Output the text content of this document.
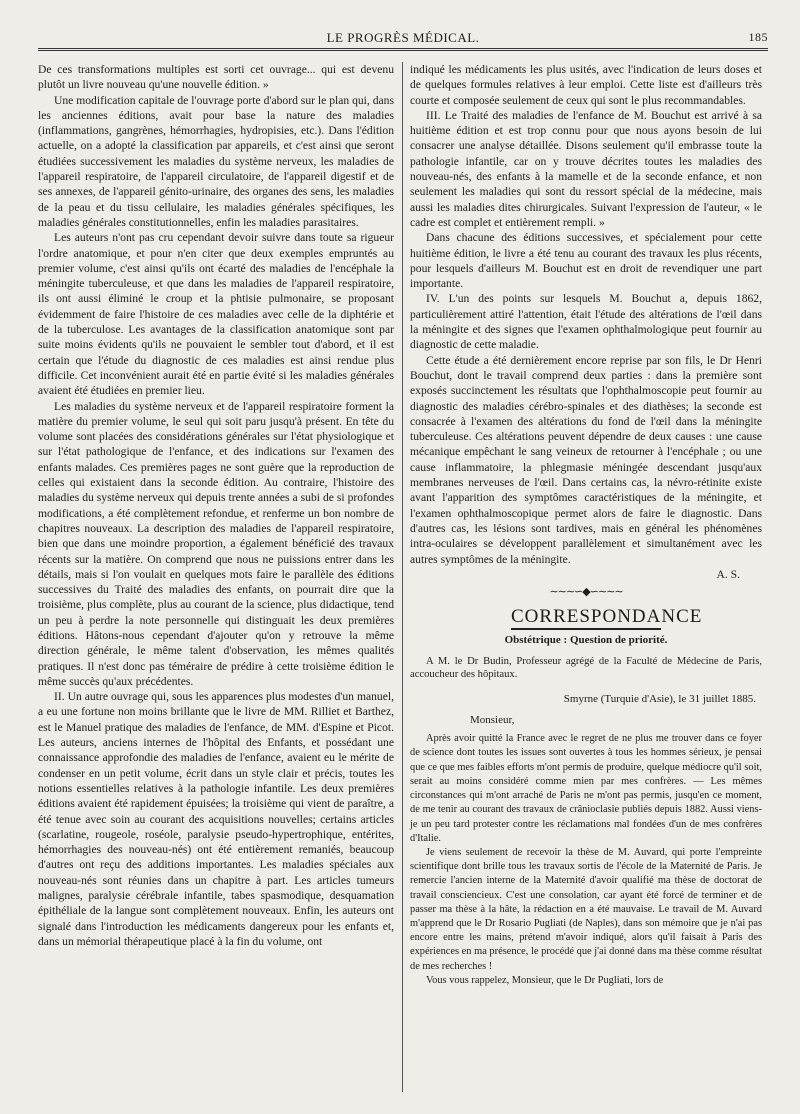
LE PROGRÈS MÉDICAL.	185

De ces transformations multiples est sorti cet ouvrage... qui est devenu plutôt un livre nouveau qu'une nouvelle édition. »

Une modification capitale de l'ouvrage porte d'abord sur le plan qui, dans les anciennes éditions, avait pour base la nature des maladies (inflammations, gangrènes, hémorrhagies, hydropisies, etc.). Dans l'édition actuelle, on a adopté la classification par appareils, et c'est ainsi que seront étudiées successivement les maladies du système nerveux, les maladies de l'appareil respiratoire, de l'appareil circulatoire, de l'appareil digestif et de ses annexes, de l'appareil génito-urinaire, des organes des sens, les maladies de la peau et du tissu cellulaire, les maladies générales spécifiques, les maladies générales constitutionnelles, enfin les maladies parasitaires.

Les auteurs n'ont pas cru cependant devoir suivre dans toute sa rigueur l'ordre anatomique, et pour n'en citer que deux exemples empruntés au premier volume, c'est ainsi qu'ils ont écarté des maladies de l'encéphale la méningite tuberculeuse, et que dans les maladies de l'appareil respiratoire, ils ont aussi éliminé le croup et la phtisie pulmonaire, se proposant évidemment de faire l'histoire de ces maladies avec celle de la diphtérie et de la tuberculose. Les avantages de la classification anatomique sont par suite moins évidents qu'ils ne pouvaient le sembler tout d'abord, et il est certain que l'étude du diagnostic de ces maladies est ainsi rendue plus difficile. Cet inconvénient aurait été en partie évité si les maladies générales avaient été étudiées en premier lieu.

Les maladies du système nerveux et de l'appareil respiratoire forment la matière du premier volume, le seul qui soit paru jusqu'à présent. En tête du volume sont placées des considérations générales sur l'état physiologique et sur l'état pathologique de l'enfance, et des indications sur l'examen des enfants malades. Ces premières pages ne sont guère que la reproduction de celles qui existaient dans la seconde édition. Au contraire, l'histoire des maladies du système nerveux qui depuis trente années a subi de si profondes modifications, a été complètement refondue, et renferme un bon nombre de chapitres nouveaux. La description des maladies de l'appareil respiratoire, bien que dans une moindre proportion, a également bénéficié des travaux récents sur la matière. On comprend que nous ne puissions entrer dans les détails, mais si l'on voulait en quelques mots faire le parallèle des éditions successives du Traité des maladies des enfants, on pourrait dire que la troisième, plus complète, plus au courant de la science, plus didactique, tend un peu à perdre la note personnelle qui distinguait les deux premières éditions. Hâtons-nous cependant d'ajouter qu'on y retrouve la même direction générale, le même talent d'observation, les mêmes qualités pratiques. Il n'est donc pas téméraire de prédire à cette troisième édition le même succès qu'aux précédentes.

II. Un autre ouvrage qui, sous les apparences plus modestes d'un manuel, a eu une fortune non moins brillante que le livre de MM. Rilliet et Barthez, est le Manuel pratique des maladies de l'enfance, de MM. d'Espine et Picot. Les auteurs, anciens internes de l'hôpital des Enfants, et possédant une connaissance approfondie des maladies de l'enfance, avaient eu le mérite de condenser en un petit volume, écrit dans un style clair et précis, toutes les notions essentielles relatives à la pathologie infantile. Les deux premières éditions avaient été rapidement épuisées; la troisième qui vient de paraître, a été tenue avec soin au courant des acquisitions nouvelles; certains articles (scarlatine, rougeole, roséole, paralysie pseudo-hypertrophique, entérites, hémorrhagies des nouveau-nés) ont été entièrement remaniés, beaucoup d'autres ont reçu des additions importantes. Les maladies spéciales aux nouveau-nés sont réunies dans un chapitre à part. Les articles tumeurs malignes, paralysie cérébrale infantile, tabes spasmodique, desquamation épithéliale de la langue sont complètement nouveaux. Enfin, les auteurs ont signalé dans l'introduction les médicaments dangereux pour les enfants et, dans un mémorial thérapeutique placé à la fin du volume, ont

indiqué les médicaments les plus usités, avec l'indication de leurs doses et de quelques formules relatives à leur emploi. Cette liste est d'ailleurs très courte et composée seulement de ceux qui sont le plus recommandables.

III. Le Traité des maladies de l'enfance de M. Bouchut est arrivé à sa huitième édition et est trop connu pour que nous ayons besoin de lui consacrer une analyse détaillée. Disons seulement qu'il embrasse toute la pathologie infantile, car on y trouve décrites toutes les maladies des nouveau-nés, des enfants à la mamelle et de la seconde enfance, et non seulement les maladies qui sont du ressort spécial de la médecine, mais aussi les maladies dites chirurgicales. Suivant l'expression de l'auteur, « le cadre est complet et entièrement rempli. »

Dans chacune des éditions successives, et spécialement pour cette huitième édition, le livre a été tenu au courant des travaux les plus récents, pour lesquels d'ailleurs M. Bouchut est en droit de revendiquer une part importante.

IV. L'un des points sur lesquels M. Bouchut a, depuis 1862, particulièrement attiré l'attention, était l'étude des altérations de l'œil dans la méningite et des signes que l'examen ophthalmologique peut fournir au diagnostic de cette maladie.

Cette étude a été dernièrement encore reprise par son fils, le Dr Henri Bouchut, dont le travail comprend deux parties : dans la première sont exposés succinctement les résultats que l'ophthalmoscopie peut fournir au diagnostic des maladies cérébro-spinales et des diathèses; la seconde est consacrée à l'examen des altérations du fond de l'œil dans la méningite tuberculeuse. Ces altérations peuvent dépendre de deux causes : une cause mécanique empêchant le sang veineux de retourner à l'encéphale ; ou une cause inflammatoire, la phlegmasie méningée descendant jusqu'aux membranes nerveuses de l'œil. Dans certains cas, la névro-rétinite existe avant l'apparition des symptômes caractéristiques de la méningite, et l'examen ophthalmoscopique permet alors de faire le diagnostic. Dans d'autres cas, les lésions sont tardives, mais en général les phénomènes intra-oculaires se développent parallèlement et simultanément avec les autres symptômes de la méningite.

A. S.
∼∼∼∽◆∽∼∼∼
CORRESPONDANCE
Obstétrique : Question de priorité.

A M. le Dr Budin, Professeur agrégé de la Faculté de Médecine de Paris, accoucheur des hôpitaux.

Smyrne (Turquie d'Asie), le 31 juillet 1885.
Monsieur,

Après avoir quitté la France avec le regret de ne plus me trouver dans ce foyer de science dont toutes les issues sont ouvertes à tous les hommes sérieux, je pensai que ce que mes faibles efforts m'ont permis de produire, quelque médiocre qu'il soit, serait au moins considéré comme mien par mes confrères. — Les mêmes circonstances qui m'ont arraché de Paris ne m'ont pas permis, jusqu'en ce moment, de me tenir au courant des travaux de crânioclasie publiés depuis 1882. Aussi viens-je un peu tard protester contre les réclamations mal fondées d'un de mes confrères d'Italie.

Je viens seulement de recevoir la thèse de M. Auvard, qui porte l'empreinte scientifique dont brille tous les travaux sortis de l'école de la Maternité de Paris. Je remercie l'ancien interne de la Maternité d'avoir qualifié ma thèse de doctorat de travail consciencieux. C'est une consolation, car ayant été forcé de terminer et de passer ma thèse à la hâte, la rédaction en a été mauvaise. Le travail de M. Auvard m'apprend que le Dr Rosario Pugliati (de Naples), dans son mémoire que je n'ai pas encore entre les mains, prétend m'avoir indiqué, alors qu'il faisait à Paris des expériences en ma présence, le procédé que j'ai donné dans ma thèse comme résultat de mes recherches !

Vous vous rappelez, Monsieur, que le Dr Pugliati, lors de
